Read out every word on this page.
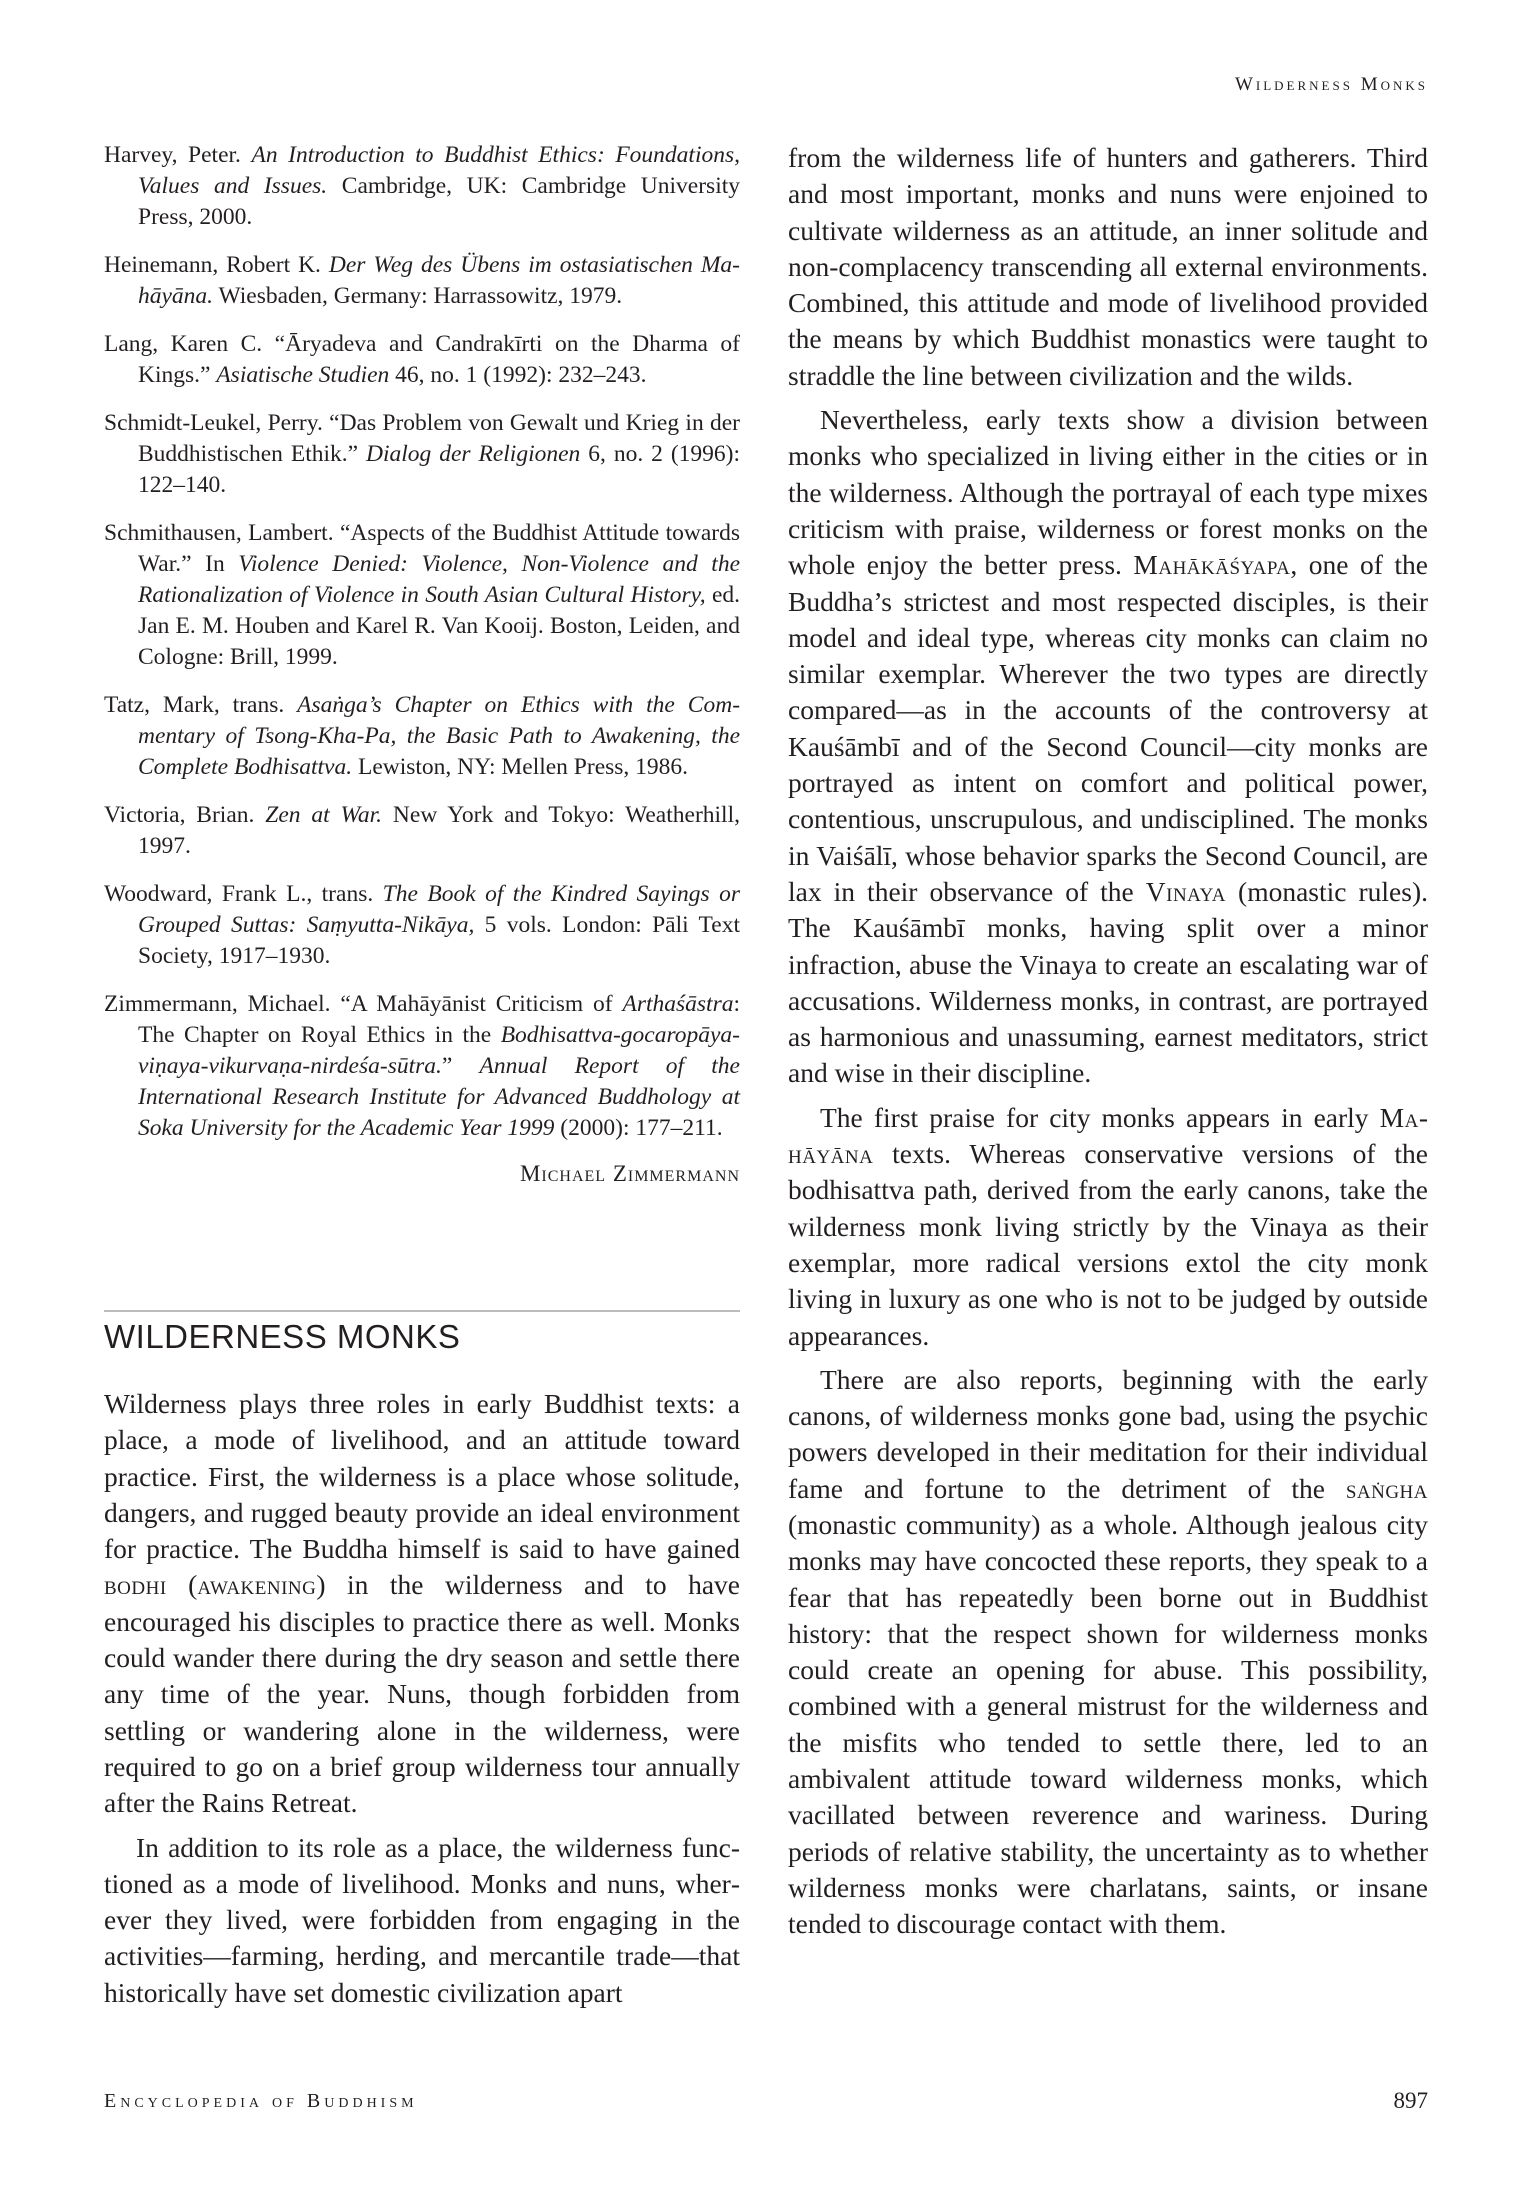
Wilderness Monks

Harvey, Peter. An Introduction to Buddhist Ethics: Foundations, Values and Issues. Cambridge, UK: Cambridge University Press, 2000.

Heinemann, Robert K. Der Weg des Übens im ostasiatischen Mahāyāna. Wiesbaden, Germany: Harrassowitz, 1979.

Lang, Karen C. “Āryadeva and Candrakīrti on the Dharma of Kings.” Asiatische Studien 46, no. 1 (1992): 232–243.

Schmidt-Leukel, Perry. “Das Problem von Gewalt und Krieg in der Buddhistischen Ethik.” Dialog der Religionen 6, no. 2 (1996): 122–140.

Schmithausen, Lambert. “Aspects of the Buddhist Attitude towards War.” In Violence Denied: Violence, Non-Violence and the Rationalization of Violence in South Asian Cultural History, ed. Jan E. M. Houben and Karel R. Van Kooij. Boston, Leiden, and Cologne: Brill, 1999.

Tatz, Mark, trans. Asaṅga’s Chapter on Ethics with the Commentary of Tsong-Kha-Pa, the Basic Path to Awakening, the Complete Bodhisattva. Lewiston, NY: Mellen Press, 1986.

Victoria, Brian. Zen at War. New York and Tokyo: Weatherhill, 1997.

Woodward, Frank L., trans. The Book of the Kindred Sayings or Grouped Suttas: Saṃyutta-Nikāya, 5 vols. London: Pāli Text Society, 1917–1930.

Zimmermann, Michael. “A Mahāyānist Criticism of Arthaśāstra: The Chapter on Royal Ethics in the Bodhisattva-gocaropāya-viṇaya-vikurvaṇa-nirdeśa-sūtra.” Annual Report of the International Research Institute for Advanced Buddhology at Soka University for the Academic Year 1999 (2000): 177–211.

Michael Zimmermann
WILDERNESS MONKS

Wilderness plays three roles in early Buddhist texts: a place, a mode of livelihood, and an attitude toward practice. First, the wilderness is a place whose solitude, dangers, and rugged beauty provide an ideal environment for practice. The Buddha himself is said to have gained bodhi (awakening) in the wilderness and to have encouraged his disciples to practice there as well. Monks could wander there during the dry season and settle there any time of the year. Nuns, though forbidden from settling or wandering alone in the wilderness, were required to go on a brief group wilderness tour annually after the Rains Retreat.

In addition to its role as a place, the wilderness functioned as a mode of livelihood. Monks and nuns, wherever they lived, were forbidden from engaging in the activities—farming, herding, and mercantile trade—that historically have set domestic civilization apart

from the wilderness life of hunters and gatherers. Third and most important, monks and nuns were enjoined to cultivate wilderness as an attitude, an inner solitude and non-complacency transcending all external environments. Combined, this attitude and mode of livelihood provided the means by which Buddhist monastics were taught to straddle the line between civilization and the wilds.

Nevertheless, early texts show a division between monks who specialized in living either in the cities or in the wilderness. Although the portrayal of each type mixes criticism with praise, wilderness or forest monks on the whole enjoy the better press. Mahākāśyapa, one of the Buddha’s strictest and most respected disciples, is their model and ideal type, whereas city monks can claim no similar exemplar. Wherever the two types are directly compared—as in the accounts of the controversy at Kauśāmbī and of the Second Council—city monks are portrayed as intent on comfort and political power, contentious, unscrupulous, and undisciplined. The monks in Vaiśālī, whose behavior sparks the Second Council, are lax in their observance of the Vinaya (monastic rules). The Kauśāmbī monks, having split over a minor infraction, abuse the Vinaya to create an escalating war of accusations. Wilderness monks, in contrast, are portrayed as harmonious and unassuming, earnest meditators, strict and wise in their discipline.

The first praise for city monks appears in early Mahāyāna texts. Whereas conservative versions of the bodhisattva path, derived from the early canons, take the wilderness monk living strictly by the Vinaya as their exemplar, more radical versions extol the city monk living in luxury as one who is not to be judged by outside appearances.

There are also reports, beginning with the early canons, of wilderness monks gone bad, using the psychic powers developed in their meditation for their individual fame and fortune to the detriment of the saṅgha (monastic community) as a whole. Although jealous city monks may have concocted these reports, they speak to a fear that has repeatedly been borne out in Buddhist history: that the respect shown for wilderness monks could create an opening for abuse. This possibility, combined with a general mistrust for the wilderness and the misfits who tended to settle there, led to an ambivalent attitude toward wilderness monks, which vacillated between reverence and wariness. During periods of relative stability, the uncertainty as to whether wilderness monks were charlatans, saints, or insane tended to discourage contact with them.

Encyclopedia of Buddhism	897
